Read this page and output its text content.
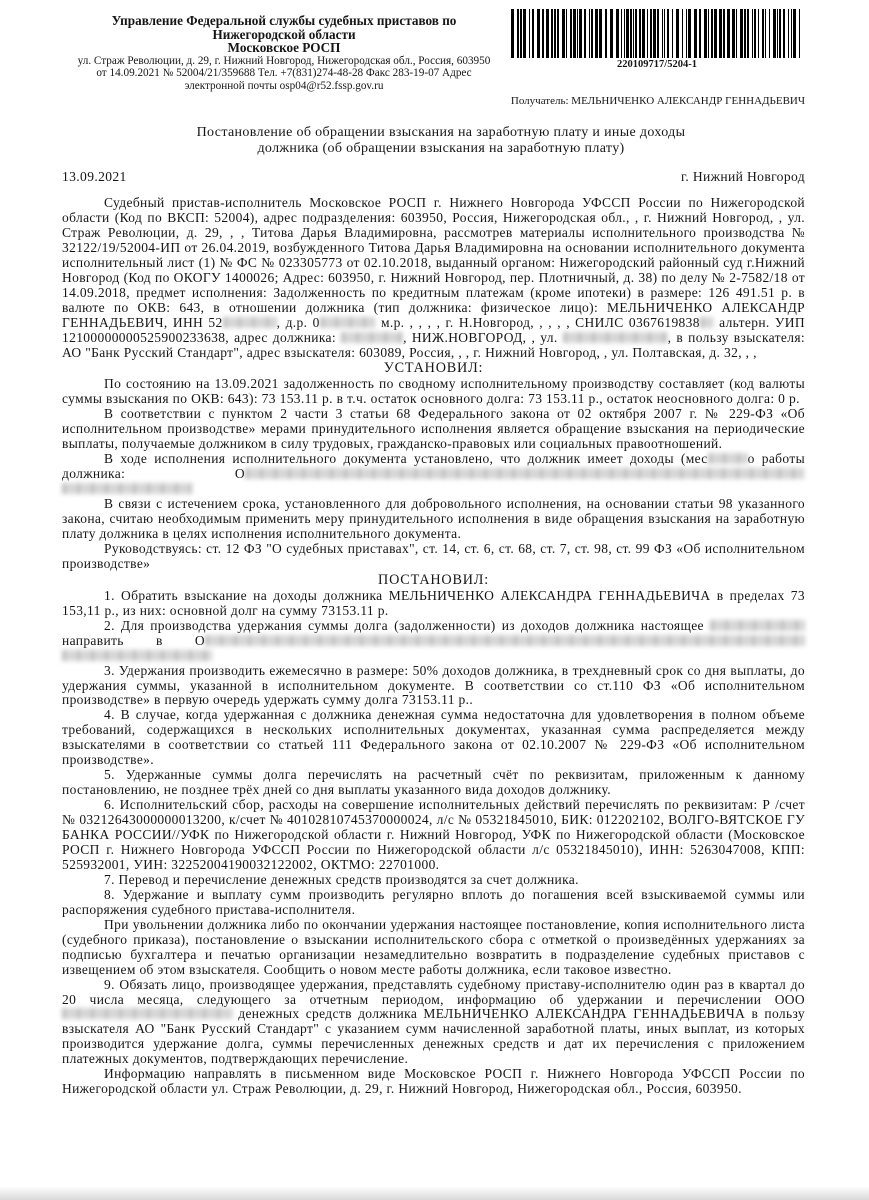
Управление Федеральной службы судебных приставов по
Нижегородской области
Московское РОСП
ул. Страж Революции, д. 29, г. Нижний Новгород, Нижегородская обл., Россия, 603950
от 14.09.2021 № 52004/21/359688 Тел. +7(831)274-48-28 Факс 283-19-07 Адрес
электронной почты osp04@r52.fssp.gov.ru
220109717/5204-1
Получатель: МЕЛЬНИЧЕНКО АЛЕКСАНДР ГЕННАДЬЕВИЧ
Постановление об обращении взыскания на заработную плату и иные доходы
должника (об обращении взыскания на заработную плату)
13.09.2021	г. Нижний Новгород

Судебный пристав-исполнитель Московское РОСП г. Нижнего Новгорода УФССП России по Нижегородской области (Код по ВКСП: 52004), адрес подразделения: 603950, Россия, Нижегородская обл., , г. Нижний Новгород, , ул. Страж Революции, д. 29, , , Титова Дарья Владимировна, рассмотрев материалы исполнительного производства № 32122/19/52004-ИП от 26.04.2019, возбужденного Титова Дарья Владимировна на основании исполнительного документа исполнительный лист (1) № ФС № 023305773 от 02.10.2018, выданный органом: Нижегородский районный суд г.Нижний Новгород (Код по ОКОГУ 1400026; Адрес: 603950, г. Нижний Новгород, пер. Плотничный, д. 38) по делу № 2-7582/18 от 14.09.2018, предмет исполнения: Задолженность по кредитным платежам (кроме ипотеки) в размере: 126 491.51 р. в валюте по ОКВ: 643, в отношении должника (тип должника: физическое лицо): МЕЛЬНИЧЕНКО АЛЕКСАНДР ГЕННАДЬЕВИЧ, ИНН 52	, д.р. 0	м.р. , , , , г. Н.Новгород, , , , , СНИЛС 0367619838 альтерн. УИП 12100000000525900233638, адрес должника:	, НИЖ.НОВГОРОД, , ул.	, в пользу взыскателя: АО "Банк Русский Стандарт", адрес взыскателя: 603089, Россия, , , г. Нижний Новгород, , ул. Полтавская, д. 32, , ,

УСТАНОВИЛ:

По состоянию на 13.09.2021 задолженность по сводному исполнительному производству составляет (код валюты суммы взыскания по ОКВ: 643): 73 153.11 р. в т.ч. остаток основного долга: 73 153.11 р., остаток неосновного долга: 0 р.

В соответствии с пунктом 2 части 3 статьи 68 Федерального закона от 02 октября 2007 г. № 229-ФЗ «Об исполнительном производстве» мерами принудительного исполнения является обращение взыскания на периодические выплаты, получаемые должником в силу трудовых, гражданско-правовых или социальных правоотношений.

В ходе исполнения исполнительного документа установлено, что должник имеет доходы (мес	о работы должника: О

В связи с истечением срока, установленного для добровольного исполнения, на основании статьи 98 указанного закона, считаю необходимым применить меру принудительного исполнения в виде обращения взыскания на заработную плату должника в целях исполнения исполнительного документа.

Руководствуясь: ст. 12 ФЗ "О судебных приставах", ст. 14, ст. 6, ст. 68, ст. 7, ст. 98, ст. 99 ФЗ «Об исполнительном производстве»

ПОСТАНОВИЛ:

1. Обратить взыскание на доходы должника МЕЛЬНИЧЕНКО АЛЕКСАНДРА ГЕННАДЬЕВИЧА в пределах 73 153,11 р., из них: основной долг на сумму 73153.11 р.

2. Для производства удержания суммы долга (задолженности) из доходов должника настоящее  направить в О

3. Удержания производить ежемесячно в размере: 50% доходов должника, в трехдневный срок со дня выплаты, до удержания суммы, указанной в исполнительном документе. В соответствии со ст.110 ФЗ «Об исполнительном производстве» в первую очередь удержать сумму долга 73153.11 р..

4. В случае, когда удержанная с должника денежная сумма недостаточна для удовлетворения в полном объеме требований, содержащихся в нескольких исполнительных документах, указанная сумма распределяется между взыскателями в соответствии со статьей 111 Федерального закона от 02.10.2007 № 229-ФЗ «Об исполнительном производстве».

5. Удержанные суммы долга перечислять на расчетный счёт по реквизитам, приложенным к данному постановлению, не позднее трёх дней со дня выплаты указанного вида доходов должнику.

6. Исполнительский сбор, расходы на совершение исполнительных действий перечислять по реквизитам: Р /счет № 03212643000000013200, к/счет № 40102810745370000024, л/с № 05321845010, БИК: 012202102, ВОЛГО-ВЯТСКОЕ ГУ БАНКА РОССИИ//УФК по Нижегородской области г. Нижний Новгород, УФК по Нижегородской области (Московское РОСП г. Нижнего Новгорода УФССП России по Нижегородской области л/с 05321845010), ИНН: 5263047008, КПП: 525932001, УИН: 32252004190032122002, ОКТМО: 22701000.

7. Перевод и перечисление денежных средств производятся за счет должника.

8. Удержание и выплату сумм производить регулярно вплоть до погашения всей взыскиваемой суммы или распоряжения судебного пристава-исполнителя.

При увольнении должника либо по окончании удержания настоящее постановление, копия исполнительного листа (судебного приказа), постановление о взыскании исполнительского сбора с отметкой о произведённых удержаниях за подписью бухгалтера и печатью организации незамедлительно возвратить в подразделение судебных приставов с извещением об этом взыскателя. Сообщить о новом месте работы должника, если таковое известно.

9. Обязать лицо, производящее удержания, представлять судебному приставу-исполнителю один раз в квартал до 20 числа месяца, следующего за отчетным периодом, информацию об удержании и перечислении ООО  денежных средств должника МЕЛЬНИЧЕНКО АЛЕКСАНДРА ГЕННАДЬЕВИЧА в пользу взыскателя АО "Банк Русский Стандарт" с указанием сумм начисленной заработной платы, иных выплат, из которых производится удержание долга, суммы перечисленных денежных средств и дат их перечисления с приложением платежных документов, подтверждающих перечисление.

Информацию направлять в письменном виде Московское РОСП г. Нижнего Новгорода УФССП России по Нижегородской области ул. Страж Революции, д. 29, г. Нижний Новгород, Нижегородская обл., Россия, 603950.
